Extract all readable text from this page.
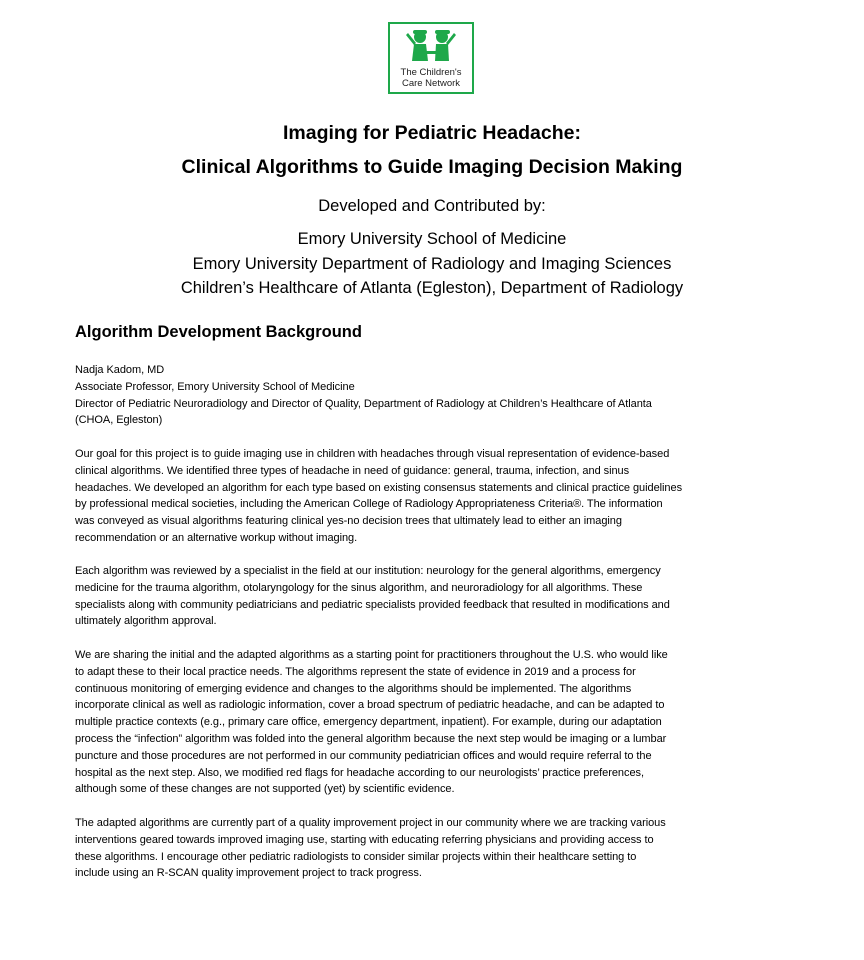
The Children's
Care Network
Imaging for Pediatric Headache:
Clinical Algorithms to Guide Imaging Decision Making
Developed and Contributed by:
Emory University School of Medicine
Emory University Department of Radiology and Imaging Sciences
Children’s Healthcare of Atlanta (Egleston), Department of Radiology
Algorithm Development Background
Nadja Kadom, MD
Associate Professor, Emory University School of Medicine
Director of Pediatric Neuroradiology and Director of Quality, Department of Radiology at Children’s Healthcare of Atlanta
(CHOA, Egleston)
Our goal for this project is to guide imaging use in children with headaches through visual representation of evidence-based
clinical algorithms. We identified three types of headache in need of guidance: general, trauma, infection, and sinus
headaches. We developed an algorithm for each type based on existing consensus statements and clinical practice guidelines
by professional medical societies, including the American College of Radiology Appropriateness Criteria®. The information
was conveyed as visual algorithms featuring clinical yes-no decision trees that ultimately lead to either an imaging
recommendation or an alternative workup without imaging.
Each algorithm was reviewed by a specialist in the field at our institution: neurology for the general algorithms, emergency
medicine for the trauma algorithm, otolaryngology for the sinus algorithm, and neuroradiology for all algorithms. These
specialists along with community pediatricians and pediatric specialists provided feedback that resulted in modifications and
ultimately algorithm approval.
We are sharing the initial and the adapted algorithms as a starting point for practitioners throughout the U.S. who would like
to adapt these to their local practice needs. The algorithms represent the state of evidence in 2019 and a process for
continuous monitoring of emerging evidence and changes to the algorithms should be implemented. The algorithms
incorporate clinical as well as radiologic information, cover a broad spectrum of pediatric headache, and can be adapted to
multiple practice contexts (e.g., primary care office, emergency department, inpatient). For example, during our adaptation
process the “infection” algorithm was folded into the general algorithm because the next step would be imaging or a lumbar
puncture and those procedures are not performed in our community pediatrician offices and would require referral to the
hospital as the next step. Also, we modified red flags for headache according to our neurologists’ practice preferences,
although some of these changes are not supported (yet) by scientific evidence.
The adapted algorithms are currently part of a quality improvement project in our community where we are tracking various
interventions geared towards improved imaging use, starting with educating referring physicians and providing access to
these algorithms. I encourage other pediatric radiologists to consider similar projects within their healthcare setting to
include using an R-SCAN quality improvement project to track progress.
